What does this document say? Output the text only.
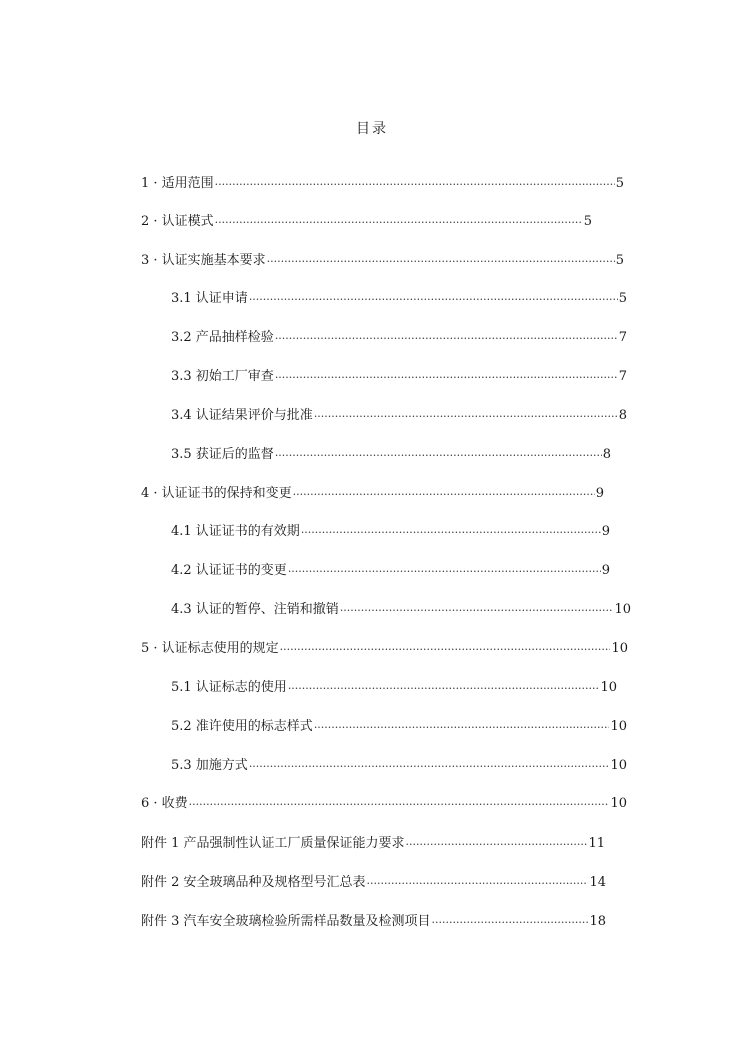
目录
1 · 适用范围 ·····	5
2 · 认证模式 ·····	5
3 · 认证实施基本要求 ·····	5
3.1 认证申请 ·····	5
3.2 产品抽样检验 ·····	7
3.3 初始工厂审查 ·····	7
3.4 认证结果评价与批准 ·····	8
3.5 获证后的监督 ·····	8
4 · 认证证书的保持和变更 ·····	9
4.1 认证证书的有效期 ·····	9
4.2 认证证书的变更 ·····	9
4.3 认证的暂停、注销和撤销 ·····	10
5 · 认证标志使用的规定 ·····	10
5.1 认证标志的使用 ·····	10
5.2 准许使用的标志样式 ·····	10
5.3 加施方式 ·····	10
6 · 收费 ·····	10
附件 1 产品强制性认证工厂质量保证能力要求 ·····	11
附件 2 安全玻璃品种及规格型号汇总表 ·····	14
附件 3 汽车安全玻璃检验所需样品数量及检测项目 ·····	18
